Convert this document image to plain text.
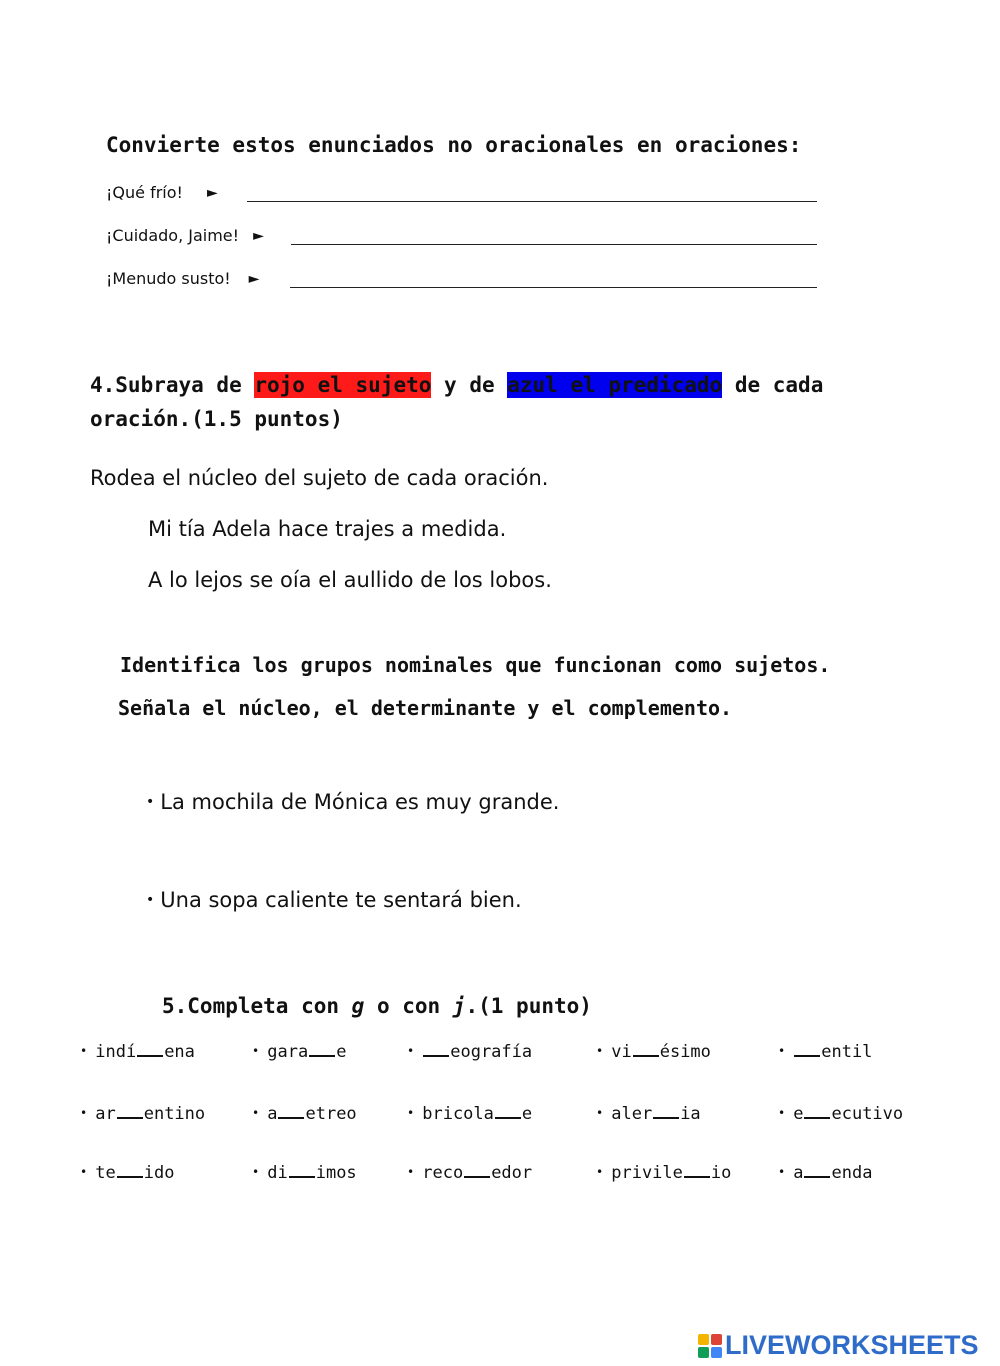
Convierte estos enunciados no oracionales en oraciones:
¡Qué frío! ►
¡Cuidado, Jaime! ►
¡Menudo susto! ►
4.Subraya de rojo el sujeto y de azul el predicado de cada oración.(1.5 puntos)
Rodea el núcleo del sujeto de cada oración.
Mi tía Adela hace trajes a medida.
A lo lejos se oía el aullido de los lobos.
Identifica los grupos nominales que funcionan como sujetos.
Señala el núcleo, el determinante y el complemento.
• La mochila de Mónica es muy grande.
• Una sopa caliente te sentará bien.
5.Completa con g o con j.(1 punto)
• indí ena	• gara e	• eografía	• vi ésimo	• entil
• ar entino	• a etreo	• bricola e	• aler ia	• e ecutivo
• te ido	• di imos	• reco edor	• privile io	• a enda
LIVEWORKSHEETS
